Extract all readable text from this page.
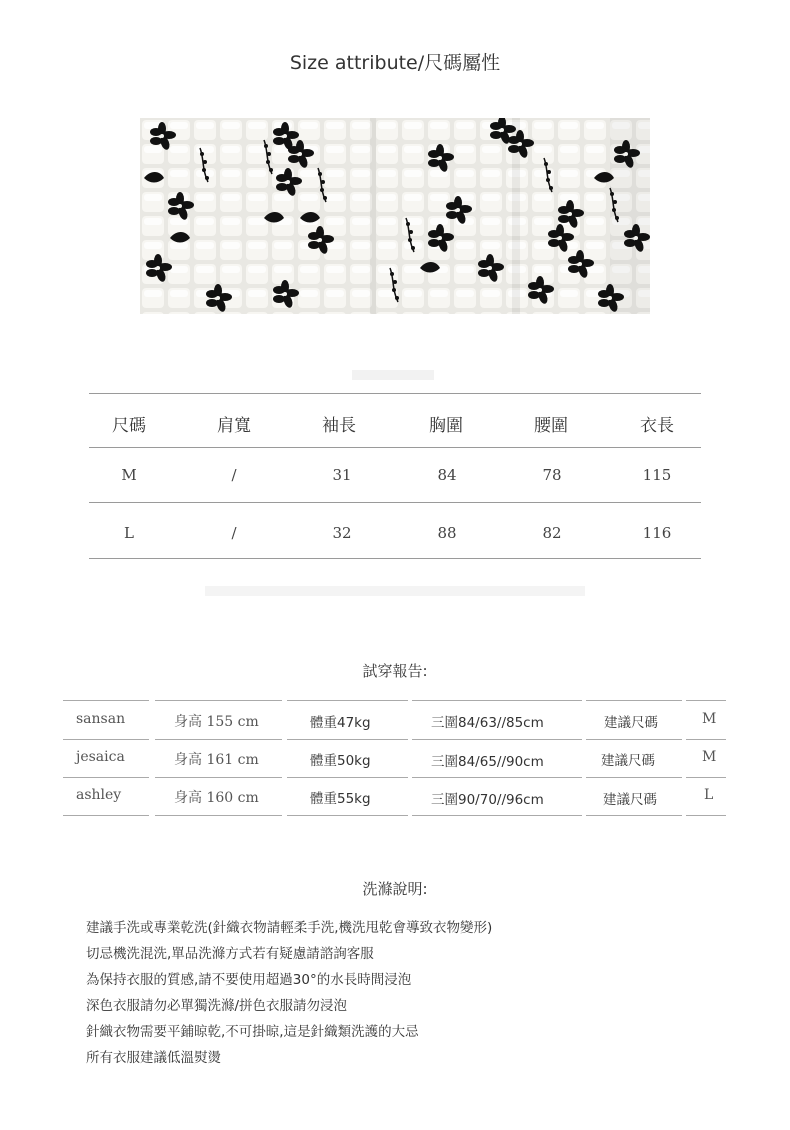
Size attribute/尺碼屬性
尺碼	肩寬	袖長	胸圍	腰圍	衣長
M	/	31	84	78	115
L	/	32	88	82	116
試穿報告:
sansan	身高 155 cm	體重47kg	三圍84/63//85cm	建議尺碼	M
jesaica	身高 161 cm	體重50kg	三圍84/65//90cm	建議尺碼	M
ashley	身高 160 cm	體重55kg	三圍90/70//96cm	建議尺碼	L
洗滌說明:
建議手洗或專業乾洗(針織衣物請輕柔手洗,機洗甩乾會導致衣物變形)
切忌機洗混洗,單品洗滌方式若有疑慮請諮詢客服
為保持衣服的質感,請不要使用超過30°的水長時間浸泡
深色衣服請勿必單獨洗滌/拼色衣服請勿浸泡
針織衣物需要平鋪晾乾,不可掛晾,這是針織類洗護的大忌
所有衣服建議低溫熨燙
